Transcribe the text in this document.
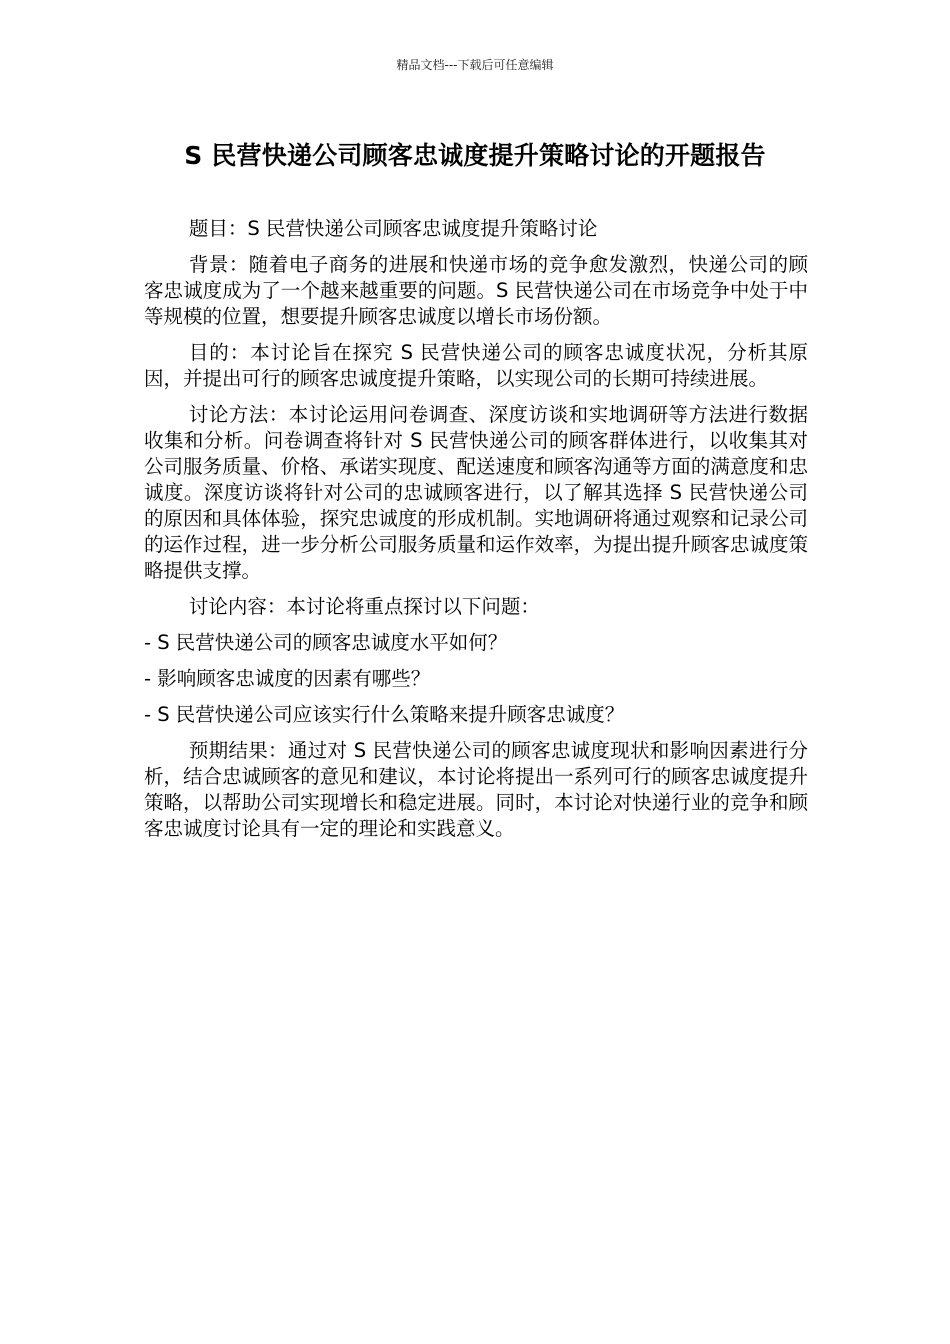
精品文档---下载后可任意编辑
S 民营快递公司顾客忠诚度提升策略讨论的开题报告

题目：S 民营快递公司顾客忠诚度提升策略讨论

背景：随着电子商务的进展和快递市场的竞争愈发激烈，快递公司的顾客忠诚度成为了一个越来越重要的问题。S 民营快递公司在市场竞争中处于中等规模的位置，想要提升顾客忠诚度以增长市场份额。

目的：本讨论旨在探究 S 民营快递公司的顾客忠诚度状况，分析其原因，并提出可行的顾客忠诚度提升策略，以实现公司的长期可持续进展。

讨论方法：本讨论运用问卷调查、深度访谈和实地调研等方法进行数据收集和分析。问卷调查将针对 S 民营快递公司的顾客群体进行，以收集其对公司服务质量、价格、承诺实现度、配送速度和顾客沟通等方面的满意度和忠诚度。深度访谈将针对公司的忠诚顾客进行，以了解其选择 S 民营快递公司的原因和具体体验，探究忠诚度的形成机制。实地调研将通过观察和记录公司的运作过程，进一步分析公司服务质量和运作效率，为提出提升顾客忠诚度策略提供支撑。

讨论内容：本讨论将重点探讨以下问题：

- S 民营快递公司的顾客忠诚度水平如何？

- 影响顾客忠诚度的因素有哪些？

- S 民营快递公司应该实行什么策略来提升顾客忠诚度？

预期结果：通过对 S 民营快递公司的顾客忠诚度现状和影响因素进行分析，结合忠诚顾客的意见和建议，本讨论将提出一系列可行的顾客忠诚度提升策略，以帮助公司实现增长和稳定进展。同时，本讨论对快递行业的竞争和顾客忠诚度讨论具有一定的理论和实践意义。
